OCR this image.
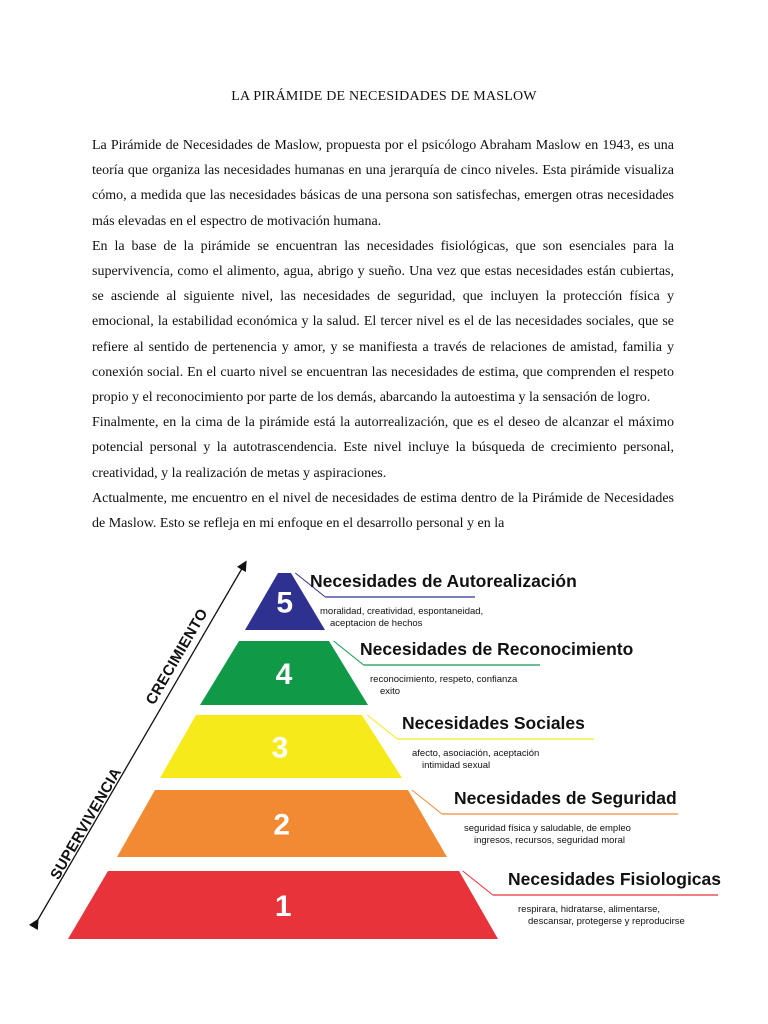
LA PIRÁMIDE DE NECESIDADES DE MASLOW

La Pirámide de Necesidades de Maslow, propuesta por el psicólogo Abraham Maslow en 1943, es una teoría que organiza las necesidades humanas en una jerarquía de cinco niveles. Esta pirámide visualiza cómo, a medida que las necesidades básicas de una persona son satisfechas, emergen otras necesidades más elevadas en el espectro de motivación humana.

En la base de la pirámide se encuentran las necesidades fisiológicas, que son esenciales para la supervivencia, como el alimento, agua, abrigo y sueño. Una vez que estas necesidades están cubiertas, se asciende al siguiente nivel, las necesidades de seguridad, que incluyen la protección física y emocional, la estabilidad económica y la salud. El tercer nivel es el de las necesidades sociales, que se refiere al sentido de pertenencia y amor, y se manifiesta a través de relaciones de amistad, familia y conexión social. En el cuarto nivel se encuentran las necesidades de estima, que comprenden el respeto propio y el reconocimiento por parte de los demás, abarcando la autoestima y la sensación de logro.

Finalmente, en la cima de la pirámide está la autorrealización, que es el deseo de alcanzar el máximo potencial personal y la autotrascendencia. Este nivel incluye la búsqueda de crecimiento personal, creatividad, y la realización de metas y aspiraciones.

Actualmente, me encuentro en el nivel de necesidades de estima dentro de la Pirámide de Necesidades de Maslow. Esto se refleja en mi enfoque en el desarrollo personal y en la

CRECIMIENTO
SUPERVIVENCIA
5
Necesidades de Autorealización
moralidad, creatividad, espontaneidad,
aceptacion de hechos
4
Necesidades de Reconocimiento
reconocimiento, respeto, confianza
exito
3
Necesidades Sociales
afecto, asociación, aceptación
intimidad sexual
2
Necesidades de Seguridad
seguridad física y saludable, de empleo
ingresos, recursos, seguridad moral
1
Necesidades Fisiologicas
respirara, hidratarse, alimentarse,
descansar, protegerse y reproducirse
